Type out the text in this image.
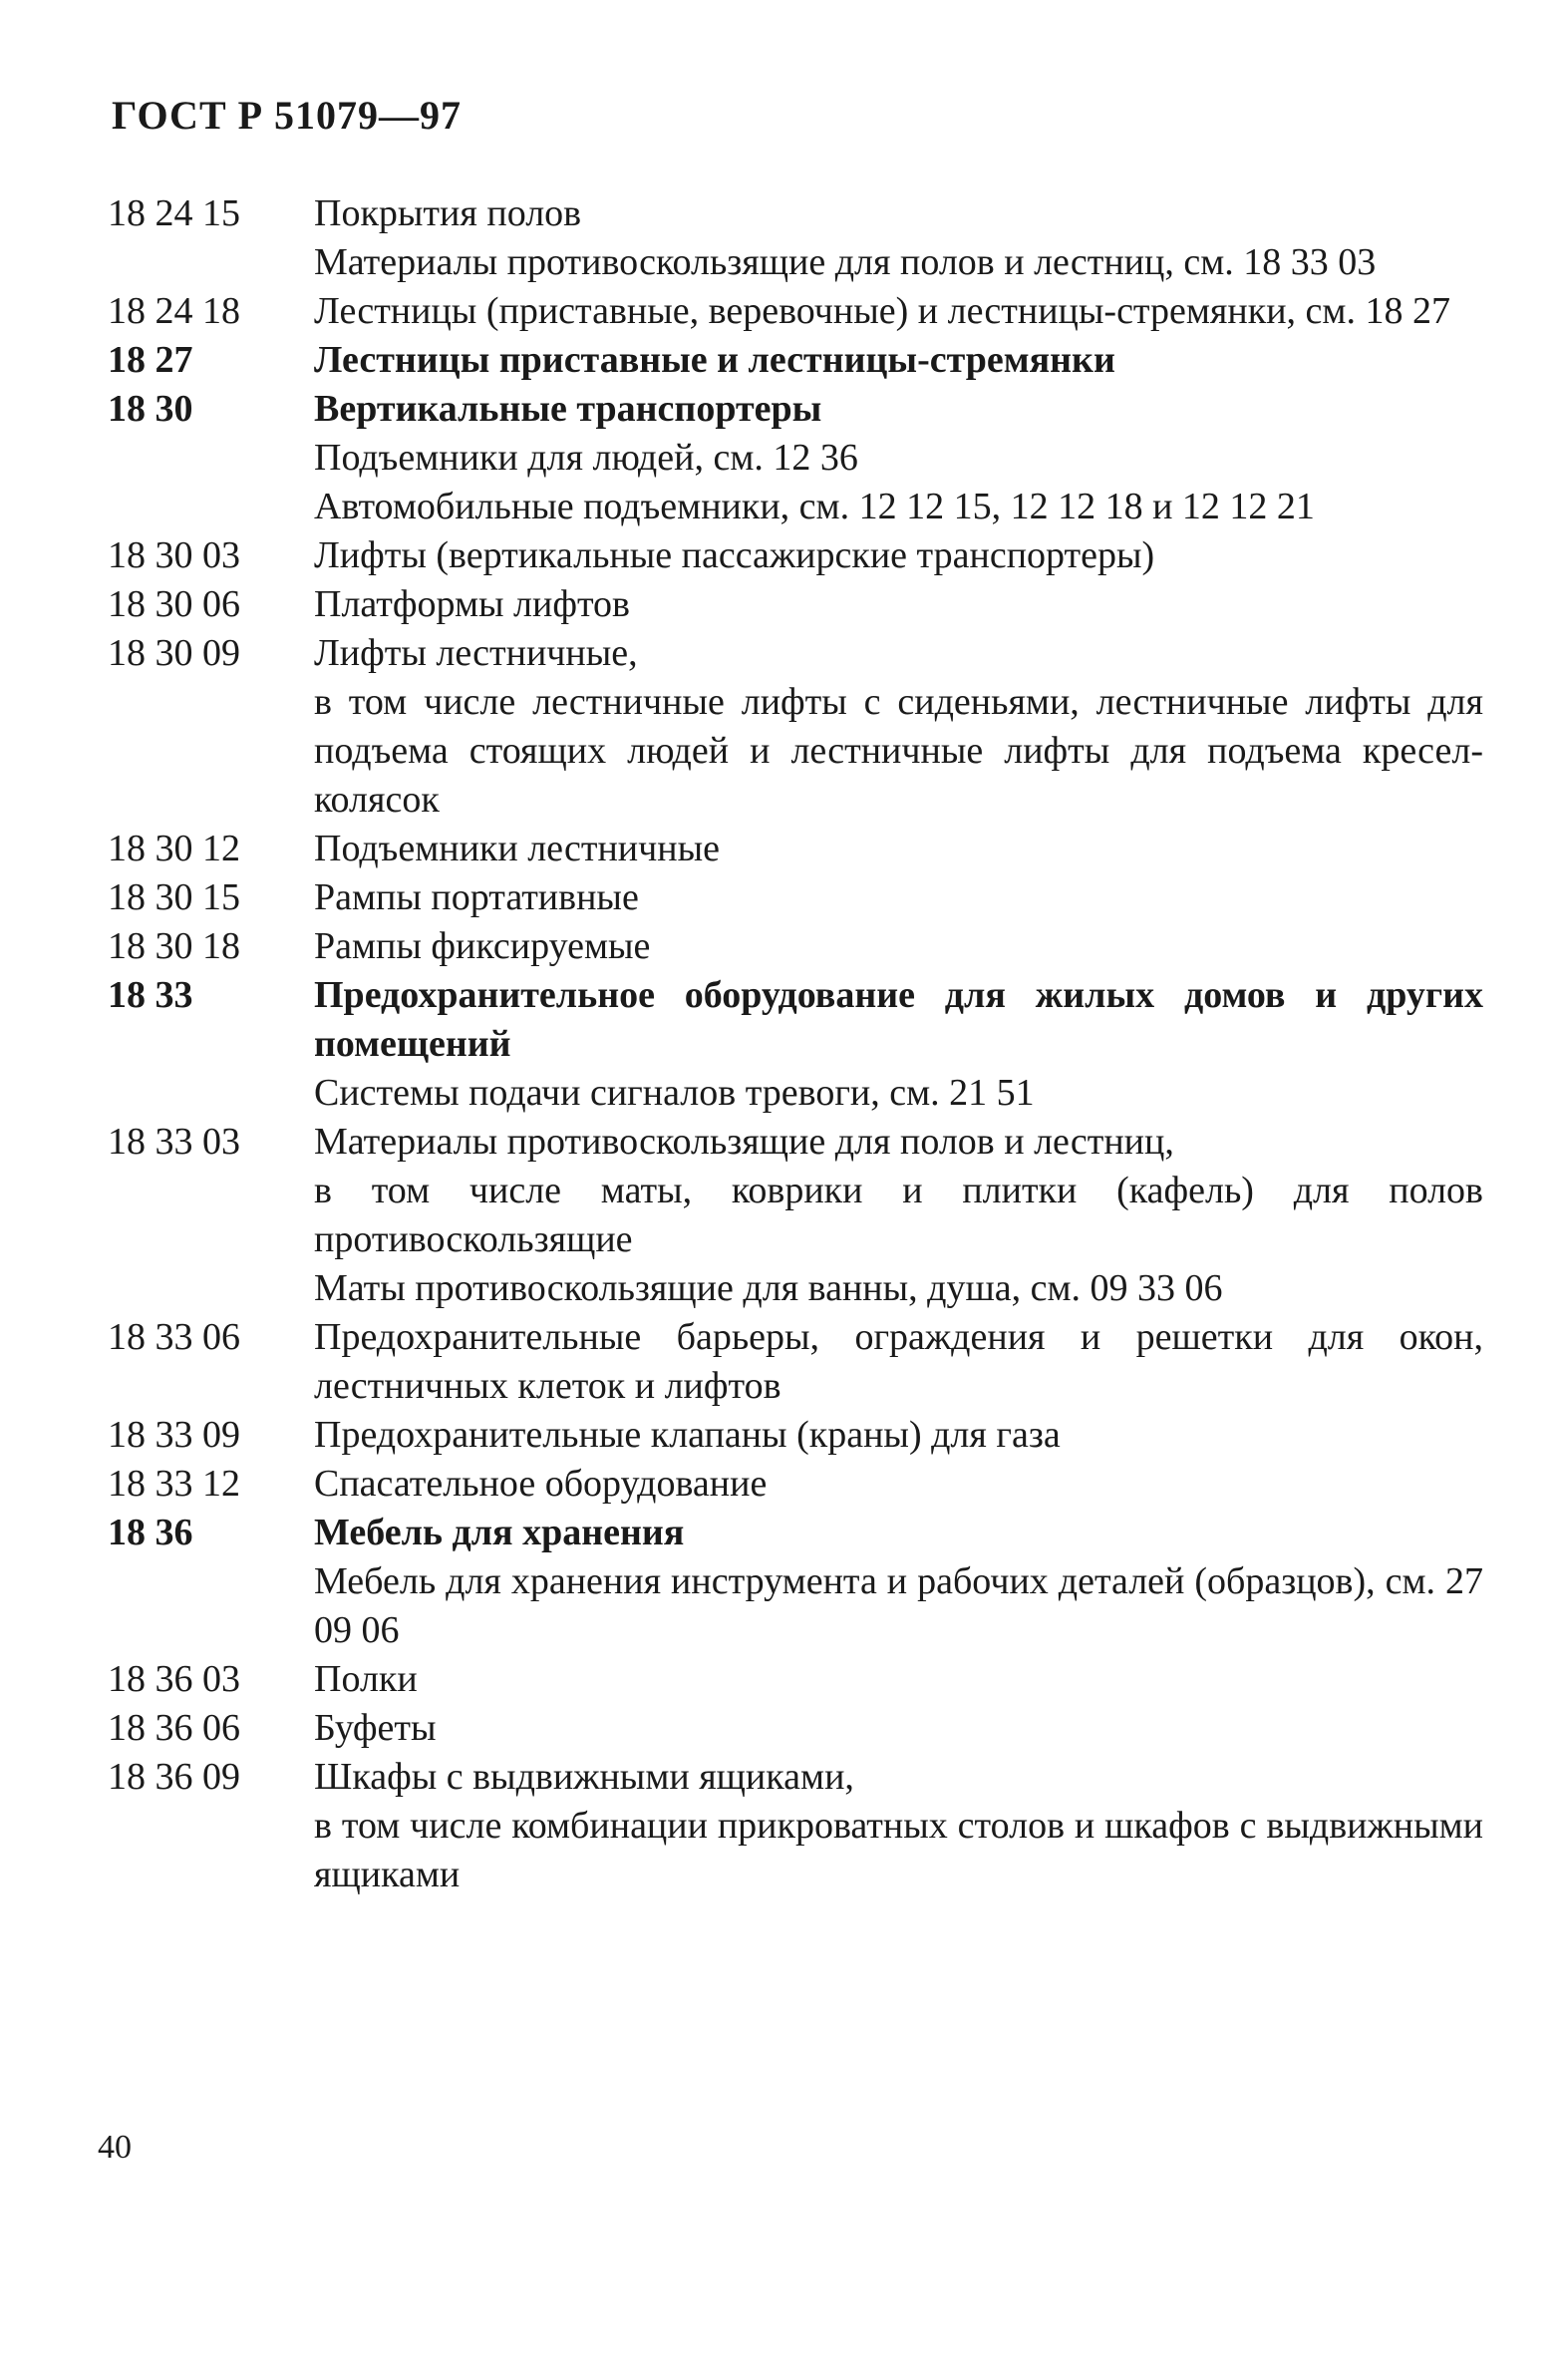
ГОСТ Р 51079—97
18 24 15	Покрытия полов
Материалы противоскользящие для полов и лестниц, см. 18 33 03
18 24 18	Лестницы (приставные, веревочные) и лестницы-стремянки, см. 18 27
18 27	Лестницы приставные и лестницы-стремянки
18 30	Вертикальные транспортеры
Подъемники для людей, см. 12 36
Автомобильные подъемники, см. 12 12 15, 12 12 18 и 12 12 21
18 30 03	Лифты (вертикальные пассажирские транспортеры)
18 30 06	Платформы лифтов
18 30 09	Лифты лестничные,
в том числе лестничные лифты с сиденьями, лестничные лифты для подъема стоящих людей и лестничные лифты для подъема кресел-колясок
18 30 12	Подъемники лестничные
18 30 15	Рампы портативные
18 30 18	Рампы фиксируемые
18 33	Предохранительное оборудование для жилых домов и других помещений
Системы подачи сигналов тревоги, см. 21 51
18 33 03	Материалы противоскользящие для полов и лестниц,
в том числе маты, коврики и плитки (кафель) для полов противоскользящие
Маты противоскользящие для ванны, душа, см. 09 33 06
18 33 06	Предохранительные барьеры, ограждения и решетки для окон, лестничных клеток и лифтов
18 33 09	Предохранительные клапаны (краны) для газа
18 33 12	Спасательное оборудование
18 36	Мебель для хранения
Мебель для хранения инструмента и рабочих деталей (образцов), см. 27 09 06
18 36 03	Полки
18 36 06	Буфеты
18 36 09	Шкафы с выдвижными ящиками,
в том числе комбинации прикроватных столов и шкафов с выдвижными ящиками
40
